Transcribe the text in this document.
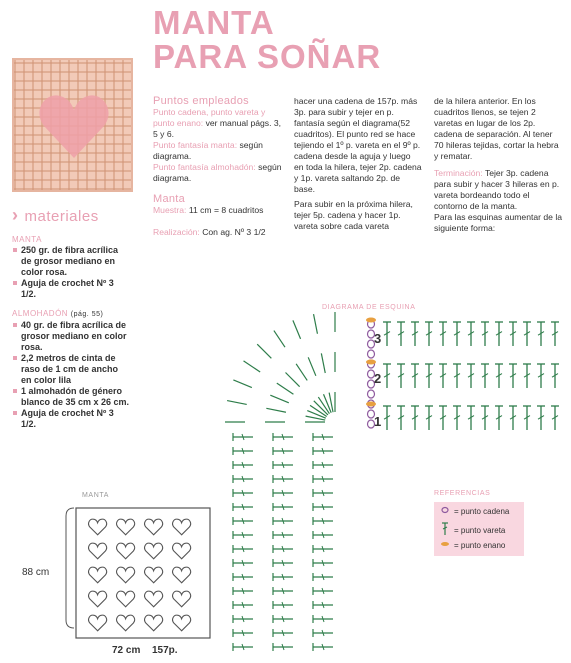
MANTA
PARA SOÑAR
› materiales
MANTA
250 gr. de fibra acrílica de grosor mediano en color rosa.
Aguja de crochet Nº 3 1/2.
ALMOHADÓN (pág. 55)
40 gr. de fibra acrílica de grosor mediano en color rosa.
2,2 metros de cinta de raso de 1 cm de ancho en color lila
1 almohadón de género blanco de 35 cm x 26 cm.
Aguja de crochet Nº 3 1/2.
Puntos empleados

Punto cadena, punto vareta y punto enano: ver manual págs. 3, 5 y 6.

Punto fantasía manta: según diagrama.

Punto fantasía almohadón: según diagrama.

Manta

Muestra: 11 cm = 8 cuadritos

Realización: Con ag. Nº 3 1/2

hacer una cadena de 157p. más 3p. para subir y tejer en p. fantasía según el diagrama(52 cuadritos). El punto red se hace tejiendo el 1º p. vareta en el 9º p. cadena desde la aguja y luego en toda la hilera, tejer 2p. cadena y 1p. vareta saltando 2p. de base.

Para subir en la próxima hilera, tejer 5p. cadena y hacer 1p. vareta sobre cada vareta

de la hilera anterior. En los cuadritos llenos, se tejen 2 varetas en lugar de los 2p. cadena de separación. Al tener 70 hileras tejidas, cortar la hebra y rematar.

Terminación: Tejer 3p. cadena para subir y hacer 3 hileras en p. vareta bordeando todo el contorno de la manta.

Para las esquinas aumentar de la siguiente forma:

DIAGRAMA DE ESQUINA
3
2
1
MANTA
88 cm
72 cm 157p.
REFERENCIAS
= punto cadena
= punto vareta
= punto enano
